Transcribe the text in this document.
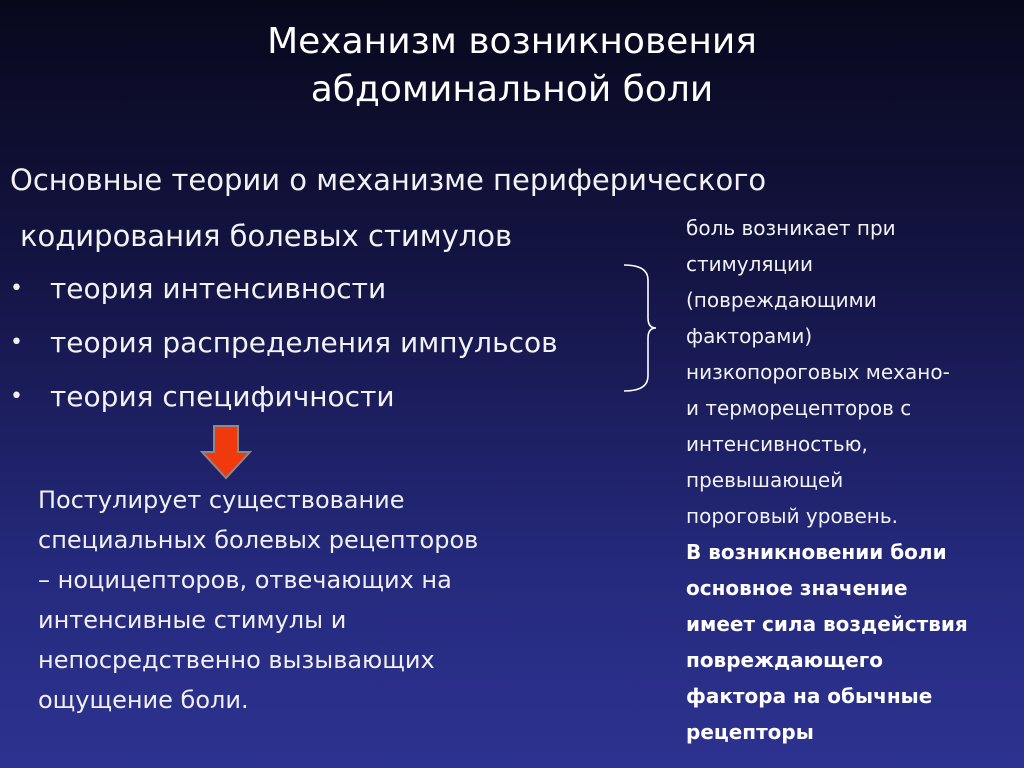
Механизм возникновения
абдоминальной боли
Основные теории о механизме периферического
кодирования болевых стимулов
• теория интенсивности
• теория распределения импульсов
• теория специфичности
Постулирует существование
специальных болевых рецепторов
– ноцицепторов, отвечающих на
интенсивные стимулы и
непосредственно вызывающих
ощущение боли.
боль возникает при
стимуляции
(повреждающими
факторами)
низкопороговых механо-
и терморецепторов с
интенсивностью,
превышающей
пороговый уровень.
В возникновении боли
основное значение
имеет сила воздействия
повреждающего
фактора на обычные
рецепторы
